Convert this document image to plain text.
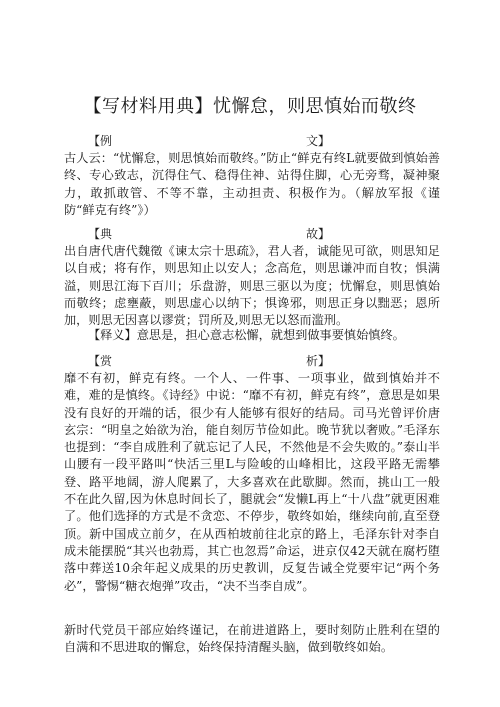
【写材料用典】忧懈怠，则思慎始而敬终
【例	文】

古人云：“忧懈怠，则思慎始而敬终。”防止“鲜克有终L就要做到慎始善终、专心致志，沉得住气、稳得住神、站得住脚，心无旁骛，凝神聚力，敢抓敢管、不等不靠，主动担责、积极作为。（解放军报《谨防“鲜克有终”》）

【典	故】

出自唐代唐代魏徵《谏太宗十思疏》，君人者，诚能见可欲，则思知足以自戒；将有作，则思知止以安人；念高危，则思谦冲而自牧；惧满溢，则思江海下百川；乐盘游，则思三驱以为度；忧懈怠，则思慎始而敬终；虑壅蔽，则思虚心以纳下；惧谗邪，则思正身以黜恶；恩所加，则思无因喜以谬赏；罚所及,则思无以怒而滥刑。

【释义】意思是，担心意志松懈，就想到做事要慎始慎终。

【赏	析】

靡不有初，鲜克有终。一个人、一件事、一项事业，做到慎始并不难，难的是慎终。《诗经》中说：“靡不有初，鲜克有终”，意思是如果没有良好的开端的话，很少有人能够有很好的结局。司马光曾评价唐玄宗：“明皇之始欲为治，能自刻厉节俭如此。晚节犹以奢败。”毛泽东也提到：“李自成胜利了就忘记了人民，不然他是不会失败的。”泰山半山腰有一段平路叫“快活三里L与险峻的山峰相比，这段平路无需攀登、路平地阔，游人爬累了，大多喜欢在此歇脚。然而，挑山工一般不在此久留,因为休息时间长了，腿就会“发懒L再上“十八盘”就更困难了。他们选择的方式是不贪恋、不停步，敬终如始，继续向前,直至登顶。新中国成立前夕，在从西柏坡前往北京的路上，毛泽东针对李自成未能摆脱“其兴也勃焉，其亡也忽焉”命运，进京仅42天就在腐朽堕落中葬送10余年起义成果的历史教训，反复告诫全党要牢记“两个务必”，警惕“糖衣炮弹”攻击，“决不当李自成”。

新时代党员干部应始终谨记，在前进道路上，要时刻防止胜利在望的自满和不思进取的懈怠，始终保持清醒头脑，做到敬终如始。
